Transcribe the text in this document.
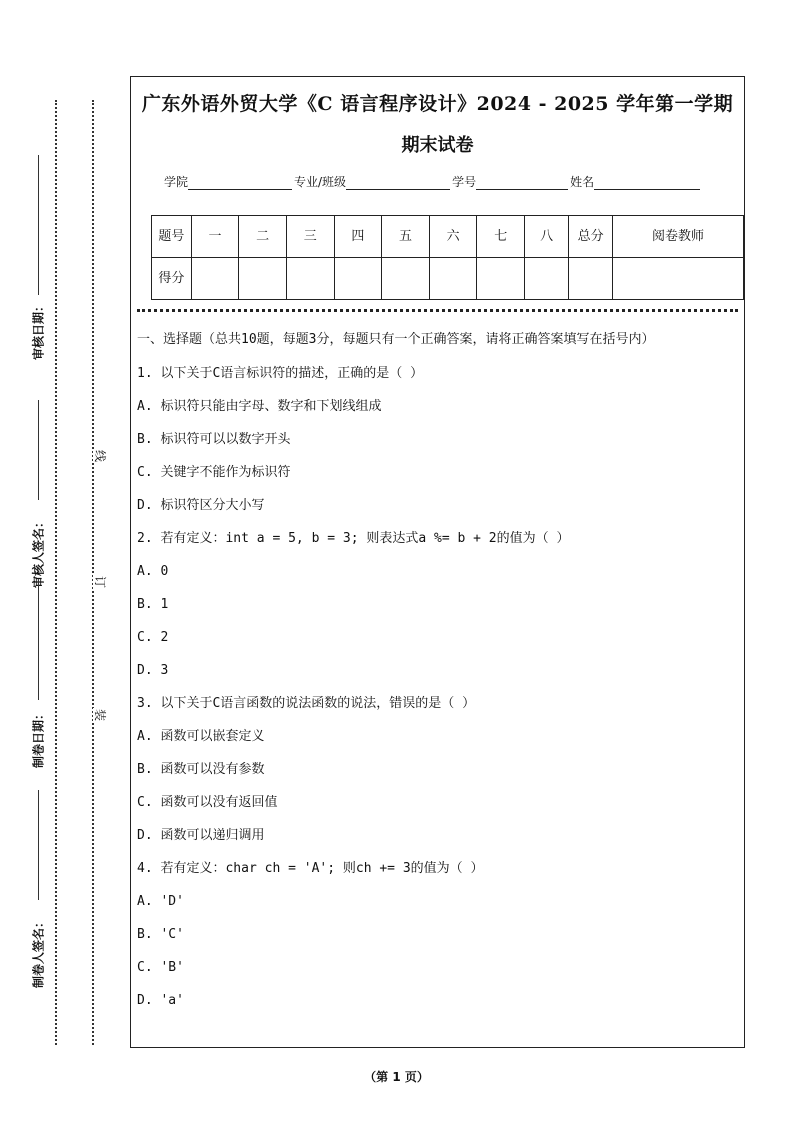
审核日期：
审核人签名：
制卷日期：
制卷人签名：
线
订
装
广东外语外贸大学《C 语言程序设计》2024 - 2025 学年第一学期
期末试卷
学院	专业/班级	学号	姓名
题号	一	二	三	四	五	六	七	八	总分	阅卷教师
得分										
一、选择题（总共10题，每题3分，每题只有一个正确答案，请将正确答案填写在括号内）
1. 以下关于C语言标识符的描述，正确的是（ ）
A. 标识符只能由字母、数字和下划线组成
B. 标识符可以以数字开头
C. 关键字不能作为标识符
D. 标识符区分大小写
2. 若有定义：int a = 5, b = 3; 则表达式a %= b + 2的值为（ ）
A. 0
B. 1
C. 2
D. 3
3. 以下关于C语言函数的说法函数的说法，错误的是（ ）
A. 函数可以嵌套定义
B. 函数可以没有参数
C. 函数可以没有返回值
D. 函数可以递归调用
4. 若有定义：char ch = 'A'; 则ch += 3的值为（ ）
A. 'D'
B. 'C'
C. 'B'
D. 'a'
（第 1 页）
